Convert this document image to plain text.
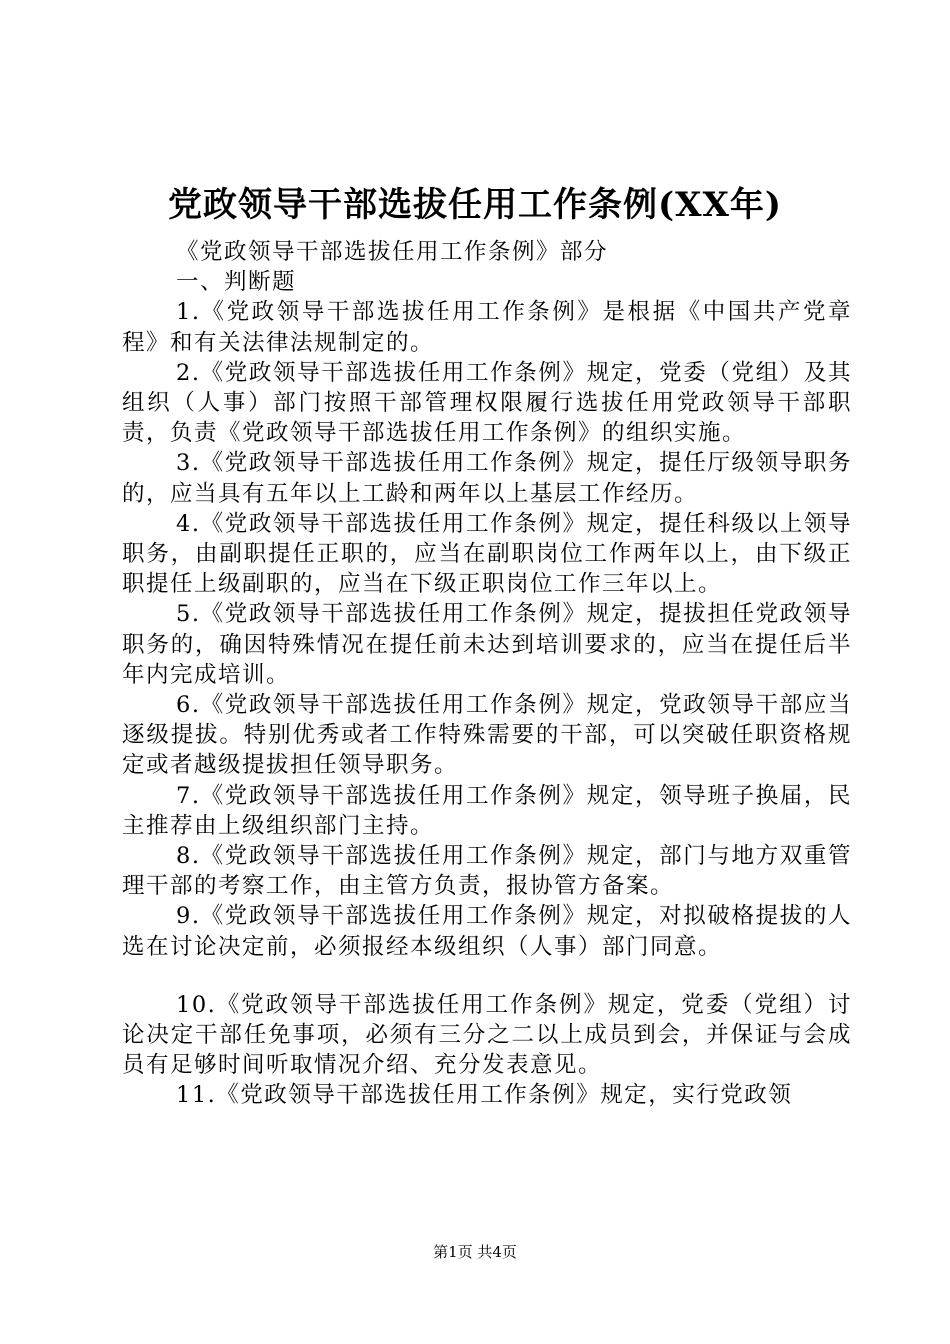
党政领导干部选拔任用工作条例(XX年)

《党政领导干部选拔任用工作条例》部分

一、判断题

1.《党政领导干部选拔任用工作条例》是根据《中国共产党章程》和有关法律法规制定的。

2.《党政领导干部选拔任用工作条例》规定，党委（党组）及其组织（人事）部门按照干部管理权限履行选拔任用党政领导干部职责，负责《党政领导干部选拔任用工作条例》的组织实施。

3.《党政领导干部选拔任用工作条例》规定，提任厅级领导职务的，应当具有五年以上工龄和两年以上基层工作经历。

4.《党政领导干部选拔任用工作条例》规定，提任科级以上领导职务，由副职提任正职的，应当在副职岗位工作两年以上，由下级正职提任上级副职的，应当在下级正职岗位工作三年以上。

5.《党政领导干部选拔任用工作条例》规定，提拔担任党政领导职务的，确因特殊情况在提任前未达到培训要求的，应当在提任后半年内完成培训。

6.《党政领导干部选拔任用工作条例》规定，党政领导干部应当逐级提拔。特别优秀或者工作特殊需要的干部，可以突破任职资格规定或者越级提拔担任领导职务。

7.《党政领导干部选拔任用工作条例》规定，领导班子换届，民主推荐由上级组织部门主持。

8.《党政领导干部选拔任用工作条例》规定，部门与地方双重管理干部的考察工作，由主管方负责，报协管方备案。

9.《党政领导干部选拔任用工作条例》规定，对拟破格提拔的人选在讨论决定前，必须报经本级组织（人事）部门同意。

10.《党政领导干部选拔任用工作条例》规定，党委（党组）讨论决定干部任免事项，必须有三分之二以上成员到会，并保证与会成员有足够时间听取情况介绍、充分发表意见。

11.《党政领导干部选拔任用工作条例》规定，实行党政领

第1页 共4页
